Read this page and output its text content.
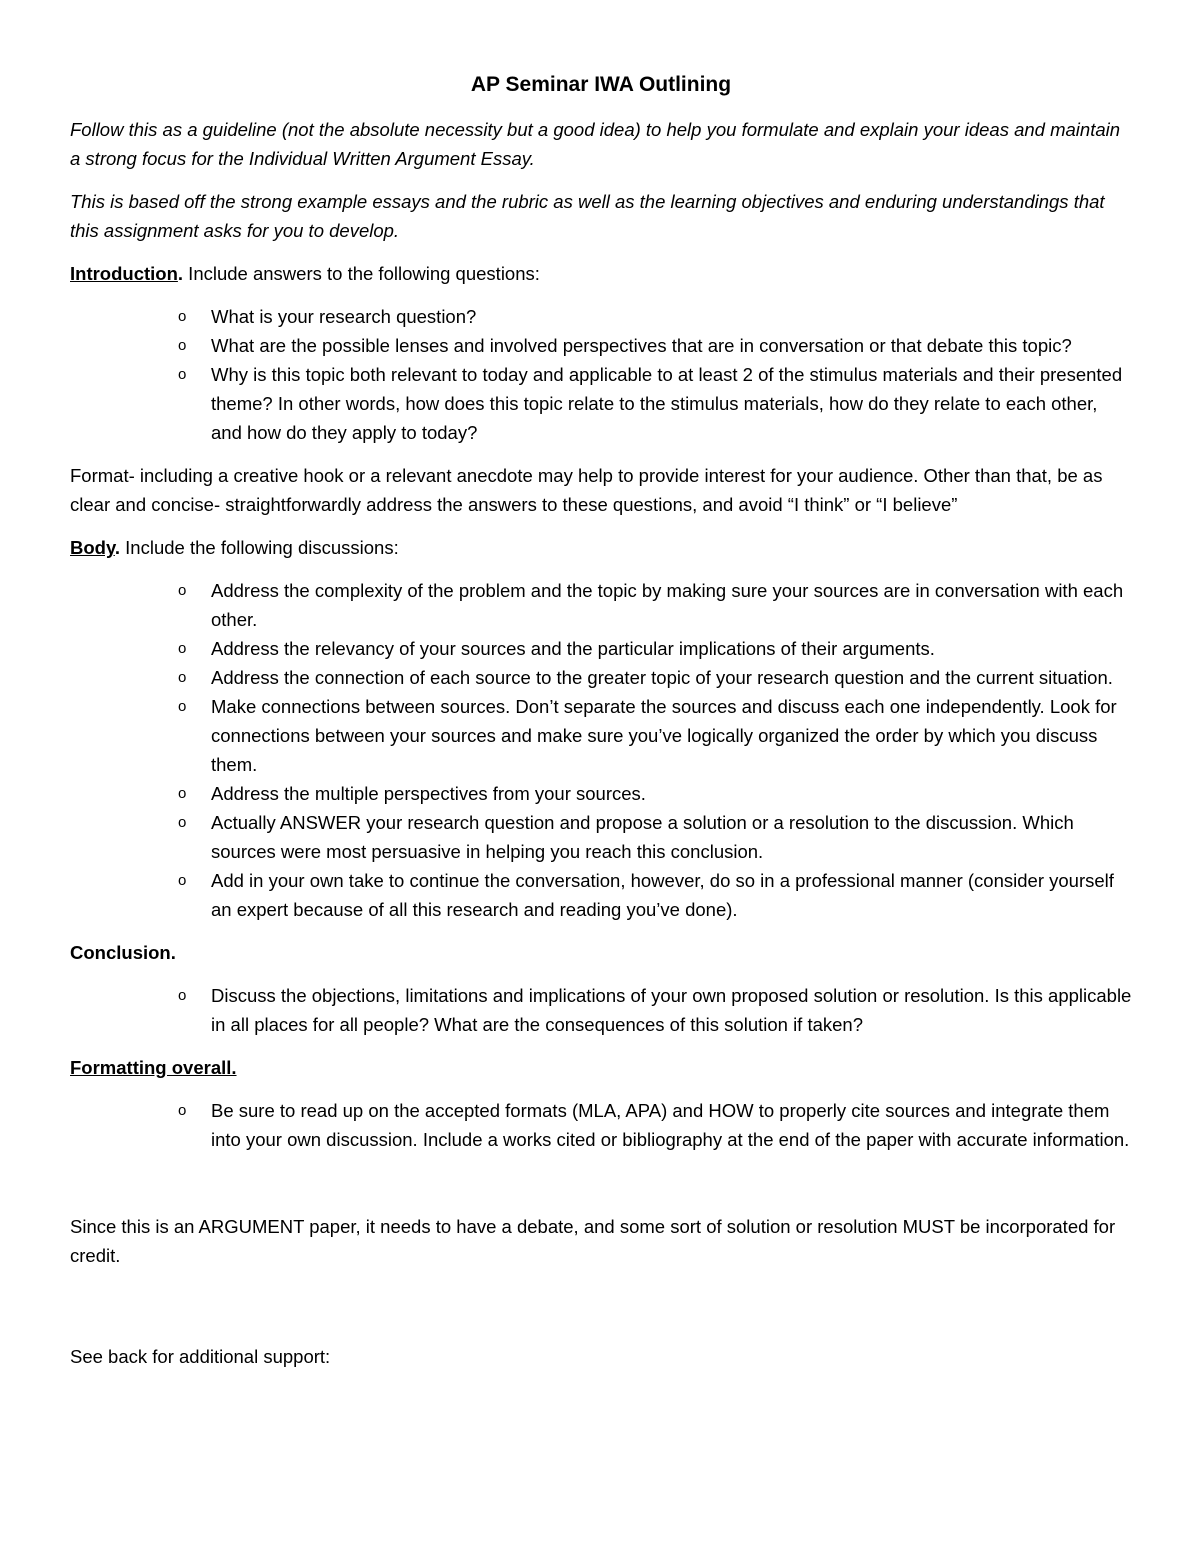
AP Seminar IWA Outlining

Follow this as a guideline (not the absolute necessity but a good idea) to help you formulate and explain your ideas and maintain a strong focus for the Individual Written Argument Essay.

This is based off the strong example essays and the rubric as well as the learning objectives and enduring understandings that this assignment asks for you to develop.

Introduction. Include answers to the following questions:

o What is your research question?
o What are the possible lenses and involved perspectives that are in conversation or that debate this topic?
o Why is this topic both relevant to today and applicable to at least 2 of the stimulus materials and their presented theme? In other words, how does this topic relate to the stimulus materials, how do they relate to each other, and how do they apply to today?

Format- including a creative hook or a relevant anecdote may help to provide interest for your audience. Other than that, be as clear and concise- straightforwardly address the answers to these questions, and avoid “I think” or “I believe”

Body. Include the following discussions:

o Address the complexity of the problem and the topic by making sure your sources are in conversation with each other.
o Address the relevancy of your sources and the particular implications of their arguments.
o Address the connection of each source to the greater topic of your research question and the current situation.
o Make connections between sources. Don’t separate the sources and discuss each one independently. Look for connections between your sources and make sure you’ve logically organized the order by which you discuss them.
o Address the multiple perspectives from your sources.
o Actually ANSWER your research question and propose a solution or a resolution to the discussion. Which sources were most persuasive in helping you reach this conclusion.
o Add in your own take to continue the conversation, however, do so in a professional manner (consider yourself an expert because of all this research and reading you’ve done).

Conclusion.

o Discuss the objections, limitations and implications of your own proposed solution or resolution. Is this applicable in all places for all people? What are the consequences of this solution if taken?

Formatting overall.

o Be sure to read up on the accepted formats (MLA, APA) and HOW to properly cite sources and integrate them into your own discussion. Include a works cited or bibliography at the end of the paper with accurate information.

Since this is an ARGUMENT paper, it needs to have a debate, and some sort of solution or resolution MUST be incorporated for credit.

See back for additional support:
